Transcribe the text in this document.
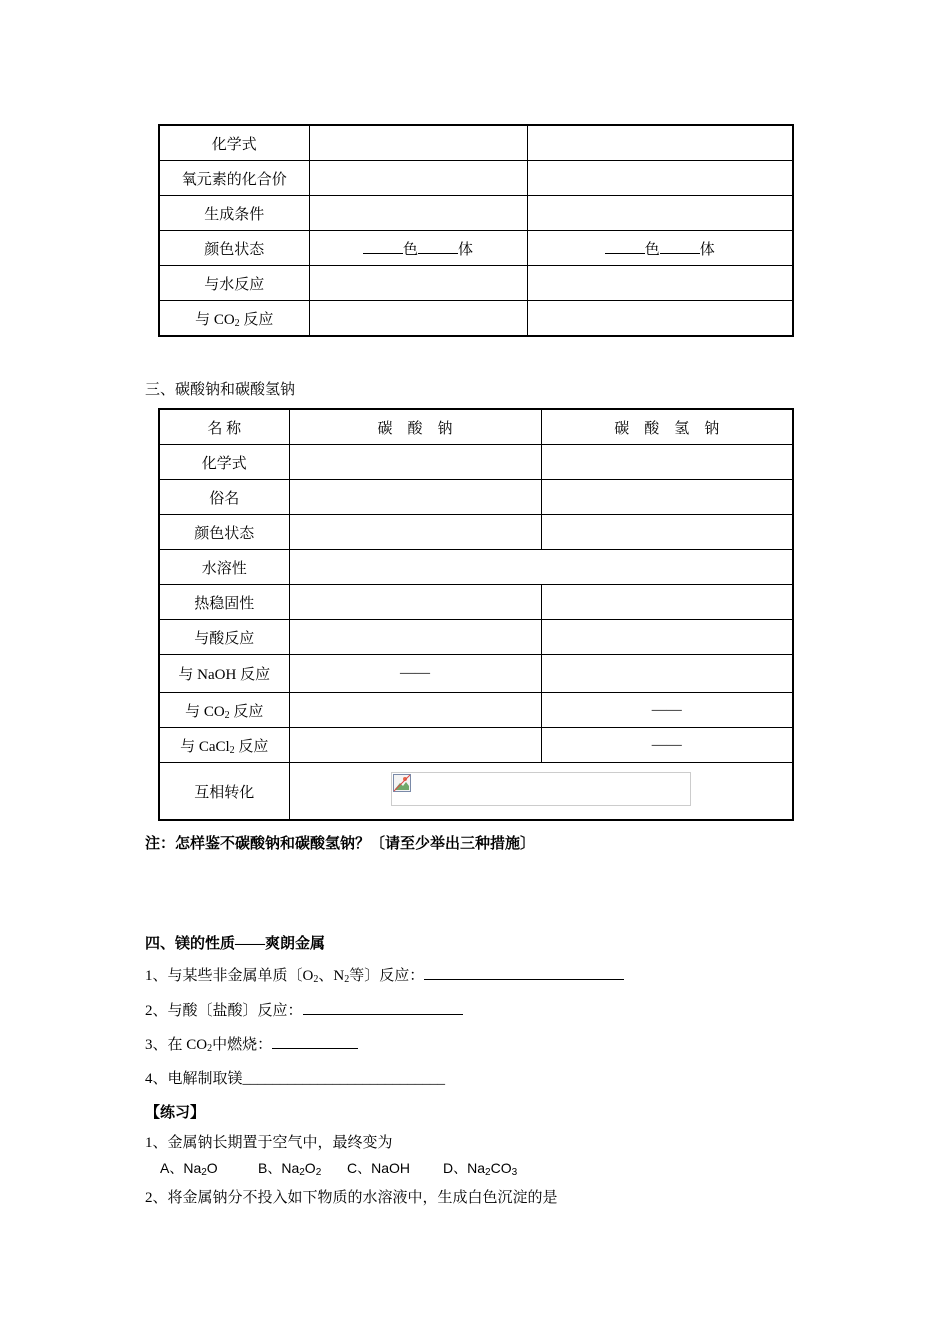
化学式		
氧元素的化合价		
生成条件		
颜色状态	色 体	色 体
与水反应		
与 $CO_2$ 反应		
三、碳酸钠和碳酸氢钠
名 称	碳　酸　钠	碳　酸　氢　钠
化学式		
俗名		
颜色状态		
水溶性		
热稳固性		
与酸反应		
与 NaOH 反应	——	
与 $CO_2$ 反应		——
与 CaCl$_2$ 反应		——
互相转化	
注：怎样鉴不碳酸钠和碳酸氢钠？〔请至少举出三种措施〕
四、镁的性质——爽朗金属
1、与某些非金属单质〔$O_2$、$N_2$等〕反应：
2、与酸〔盐酸〕反应：
3、在 $CO_2$中燃烧：
4、电解制取镁___________________________
【练习】
1、金属钠长期置于空气中，最终变为
A、$Na_2O$	B、$Na_2O_2$ C、NaOH D、$Na_2CO_3$
2、将金属钠分不投入如下物质的水溶液中，生成白色沉淀的是
